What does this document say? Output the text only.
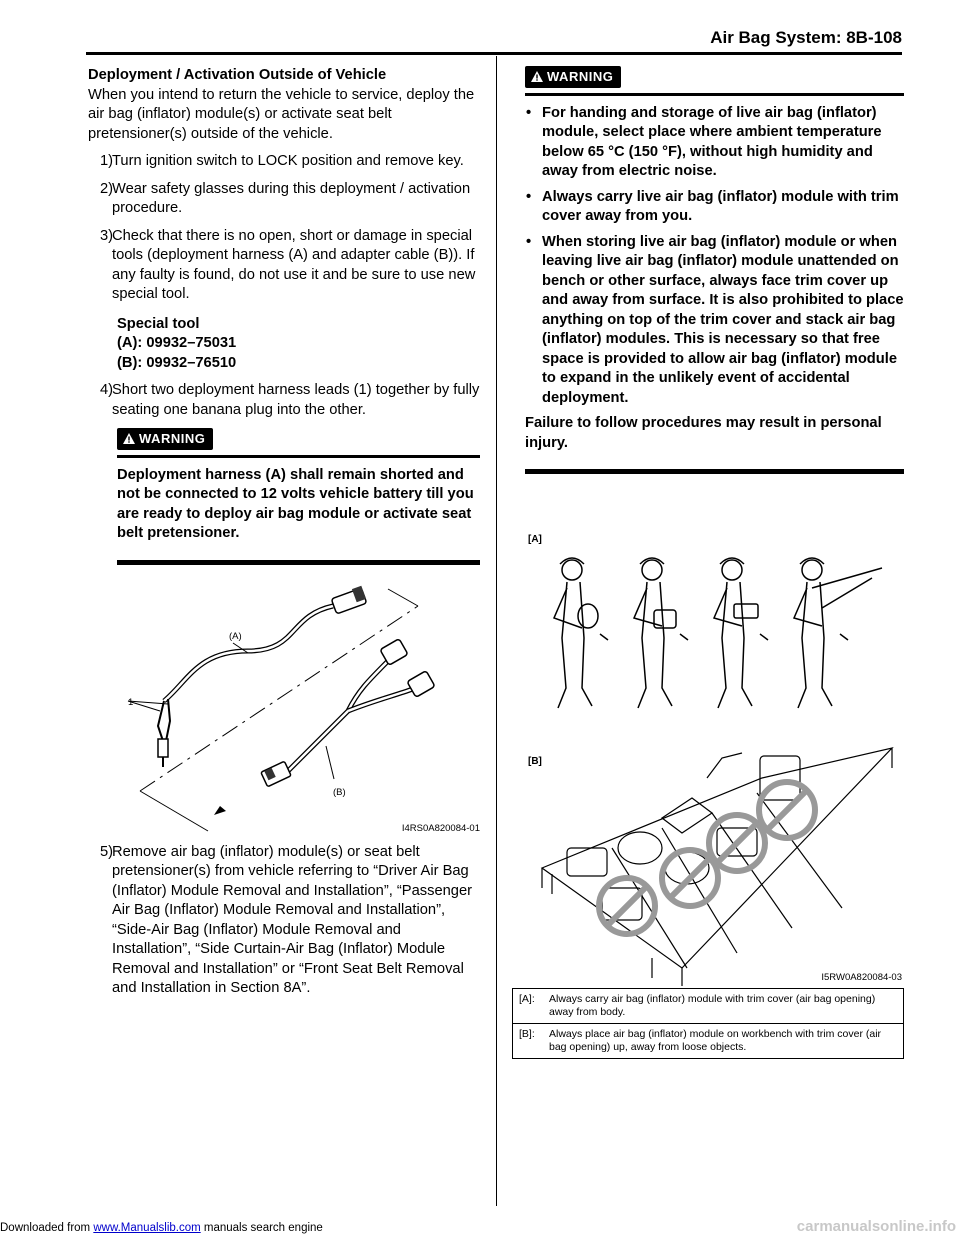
Air Bag System: 8B-108

Deployment / Activation Outside of Vehicle

When you intend to return the vehicle to service, deploy the air bag (inflator) module(s) or activate seat belt pretensioner(s) outside of the vehicle.

1)

Turn ignition switch to LOCK position and remove key.

2)

Wear safety glasses during this deployment / activation procedure.

3)

Check that there is no open, short or damage in special tools (deployment harness (A) and adapter cable (B)). If any faulty is found, do not use it and be sure to use new special tool.

Special tool

(A): 09932–75031

(B): 09932–76510

4)

Short two deployment harness leads (1) together by fully seating one banana plug into the other.

WARNING

Deployment harness (A) shall remain shorted and not be connected to 12 volts vehicle battery till you are ready to deploy air bag module or activate seat belt pretensioner.

(A)
1
(B)
I4RS0A820084-01
5)

Remove air bag (inflator) module(s) or seat belt pretensioner(s) from vehicle referring to “Driver Air Bag (Inflator) Module Removal and Installation”, “Passenger Air Bag (Inflator) Module Removal and Installation”, “Side-Air Bag (Inflator) Module Removal and Installation”, “Side Curtain-Air Bag (Inflator) Module Removal and Installation” or “Front Seat Belt Removal and Installation in Section 8A”.

WARNING
• For handing and storage of live air bag (inflator) module, select place where ambient temperature below 65 °C (150 °F), without high humidity and away from electric noise.
• Always carry live air bag (inflator) module with trim cover away from you.
• When storing live air bag (inflator) module or when leaving live air bag (inflator) module unattended on bench or other surface, always face trim cover up and away from surface. It is also prohibited to place anything on top of the trim cover and stack air bag (inflator) modules. This is necessary so that free space is provided to allow air bag (inflator) module to expand in the unlikely event of accidental deployment.

Failure to follow procedures may result in personal injury.

[A]
[B]
I5RW0A820084-03
[A]: Always carry air bag (inflator) module with trim cover (air bag opening) away from body.
[B]: Always place air bag (inflator) module on workbench with trim cover (air bag opening) up, away from loose objects.
Downloaded from www.Manualslib.com manuals search engine	carmanualsonline.info
